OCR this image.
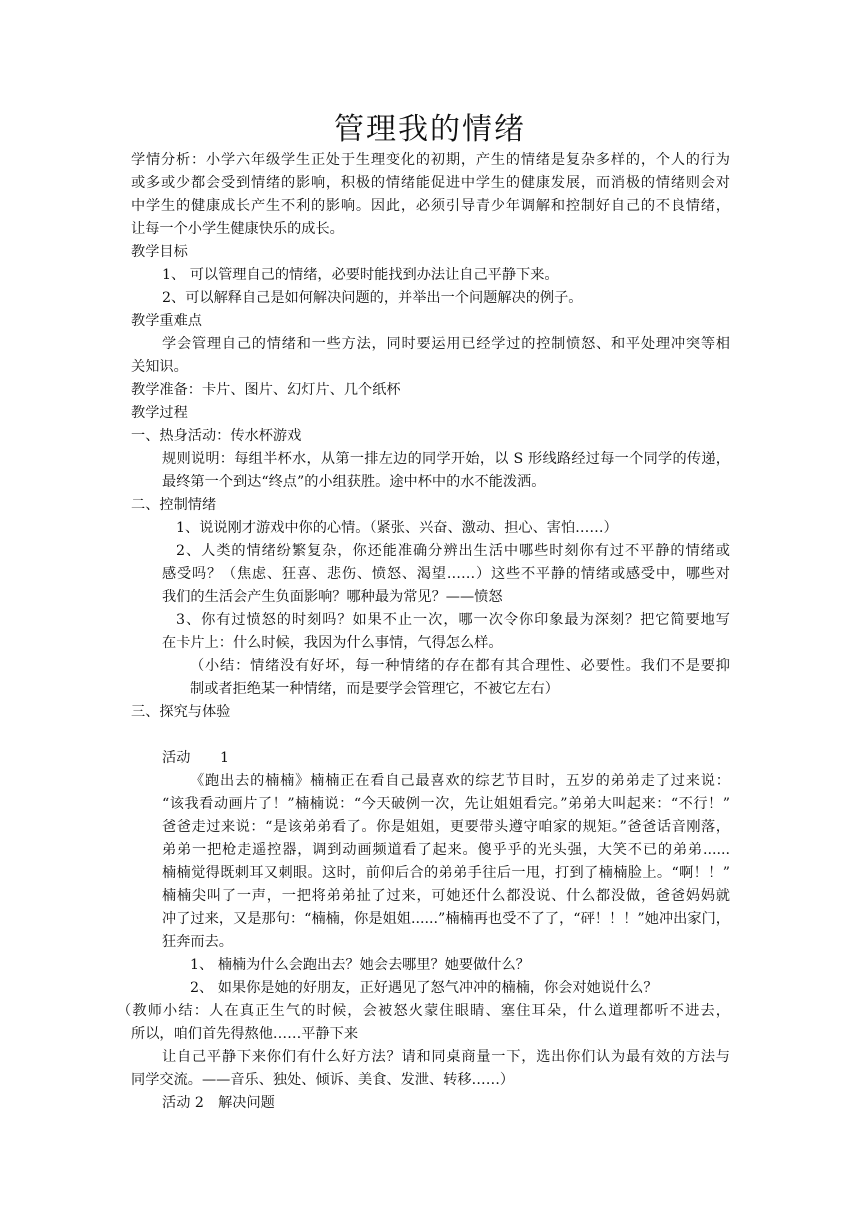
管理我的情绪
学情分析：小学六年级学生正处于生理变化的初期，产生的情绪是复杂多样的，个人的行为
或多或少都会受到情绪的影响，积极的情绪能促进中学生的健康发展，而消极的情绪则会对
中学生的健康成长产生不利的影响。因此，必须引导青少年调解和控制好自己的不良情绪，
让每一个小学生健康快乐的成长。
教学目标
1、 可以管理自己的情绪，必要时能找到办法让自己平静下来。
2、可以解释自己是如何解决问题的，并举出一个问题解决的例子。
教学重难点
学会管理自己的情绪和一些方法，同时要运用已经学过的控制愤怒、和平处理冲突等相
关知识。
教学准备：卡片、图片、幻灯片、几个纸杯
教学过程
一、热身活动：传水杯游戏
规则说明：每组半杯水，从第一排左边的同学开始，以 S 形线路经过每一个同学的传递，
最终第一个到达“终点”的小组获胜。途中杯中的水不能泼洒。
二、控制情绪
1、说说刚才游戏中你的心情。（紧张、兴奋、激动、担心、害怕……）
2、人类的情绪纷繁复杂，你还能准确分辨出生活中哪些时刻你有过不平静的情绪或
感受吗？（焦虑、狂喜、悲伤、愤怒、渴望……）这些不平静的情绪或感受中，哪些对
我们的生活会产生负面影响？哪种最为常见？——愤怒
3、你有过愤怒的时刻吗？如果不止一次，哪一次令你印象最为深刻？把它简要地写
在卡片上：什么时候，我因为什么事情，气得怎么样。
（小结：情绪没有好坏，每一种情绪的存在都有其合理性、必要性。我们不是要抑
制或者拒绝某一种情绪，而是要学会管理它，不被它左右）
三、探究与体验
活动 1
《跑出去的楠楠》楠楠正在看自己最喜欢的综艺节目时，五岁的弟弟走了过来说：
“该我看动画片了！”楠楠说：“今天破例一次，先让姐姐看完。”弟弟大叫起来：“不行！”
爸爸走过来说：“是该弟弟看了。你是姐姐，更要带头遵守咱家的规矩。”爸爸话音刚落，
弟弟一把枪走遥控器，调到动画频道看了起来。傻乎乎的光头强，大笑不已的弟弟......
楠楠觉得既刺耳又刺眼。这时，前仰后合的弟弟手往后一甩，打到了楠楠脸上。“啊！！”
楠楠尖叫了一声，一把将弟弟扯了过来，可她还什么都没说、什么都没做，爸爸妈妈就
冲了过来，又是那句：“楠楠，你是姐姐......”楠楠再也受不了了，“砰！！！”她冲出家门，
狂奔而去。
1、 楠楠为什么会跑出去？她会去哪里？她要做什么？
2、 如果你是她的好朋友，正好遇见了怒气冲冲的楠楠，你会对她说什么？
（教师小结：人在真正生气的时候，会被怒火蒙住眼睛、塞住耳朵，什么道理都听不进去，
所以，咱们首先得熬他……平静下来
让自己平静下来你们有什么好方法？请和同桌商量一下，选出你们认为最有效的方法与
同学交流。——音乐、独处、倾诉、美食、发泄、转移……）
活动 2　解决问题
